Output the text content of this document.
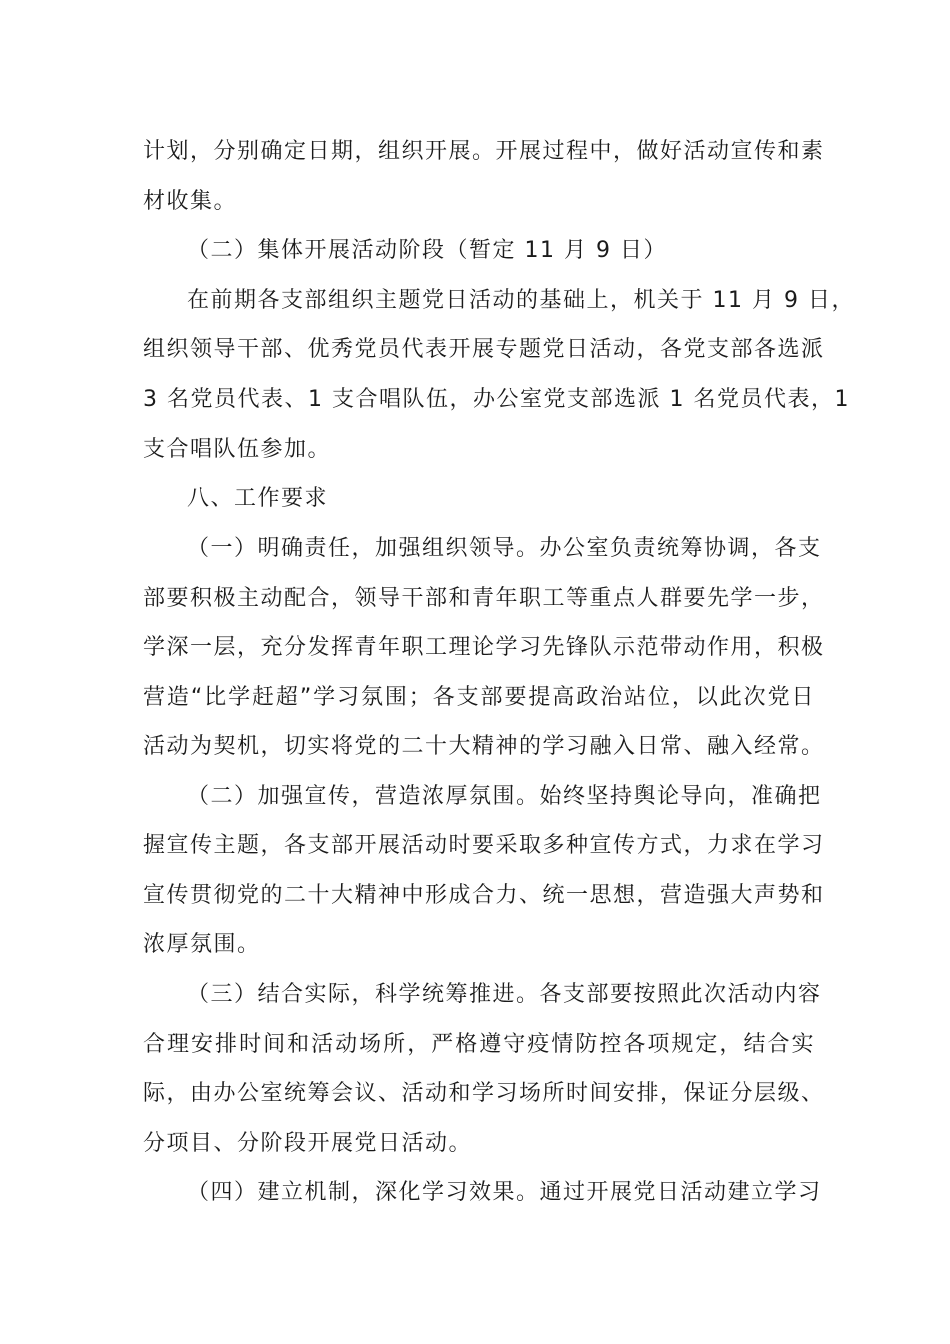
计划，分别确定日期，组织开展。开展过程中，做好活动宣传和素
材收集。
（二）集体开展活动阶段（暂定 11 月 9 日）
在前期各支部组织主题党日活动的基础上，机关于 11 月 9 日，
组织领导干部、优秀党员代表开展专题党日活动，各党支部各选派
3 名党员代表、1 支合唱队伍，办公室党支部选派 1 名党员代表，1
支合唱队伍参加。
八、工作要求
（一）明确责任，加强组织领导。办公室负责统筹协调，各支
部要积极主动配合，领导干部和青年职工等重点人群要先学一步，
学深一层，充分发挥青年职工理论学习先锋队示范带动作用，积极
营造“比学赶超”学习氛围；各支部要提高政治站位，以此次党日
活动为契机，切实将党的二十大精神的学习融入日常、融入经常。
（二）加强宣传，营造浓厚氛围。始终坚持舆论导向，准确把
握宣传主题，各支部开展活动时要采取多种宣传方式，力求在学习
宣传贯彻党的二十大精神中形成合力、统一思想，营造强大声势和
浓厚氛围。
（三）结合实际，科学统筹推进。各支部要按照此次活动内容
合理安排时间和活动场所，严格遵守疫情防控各项规定，结合实
际，由办公室统筹会议、活动和学习场所时间安排，保证分层级、
分项目、分阶段开展党日活动。
（四）建立机制，深化学习效果。通过开展党日活动建立学习
